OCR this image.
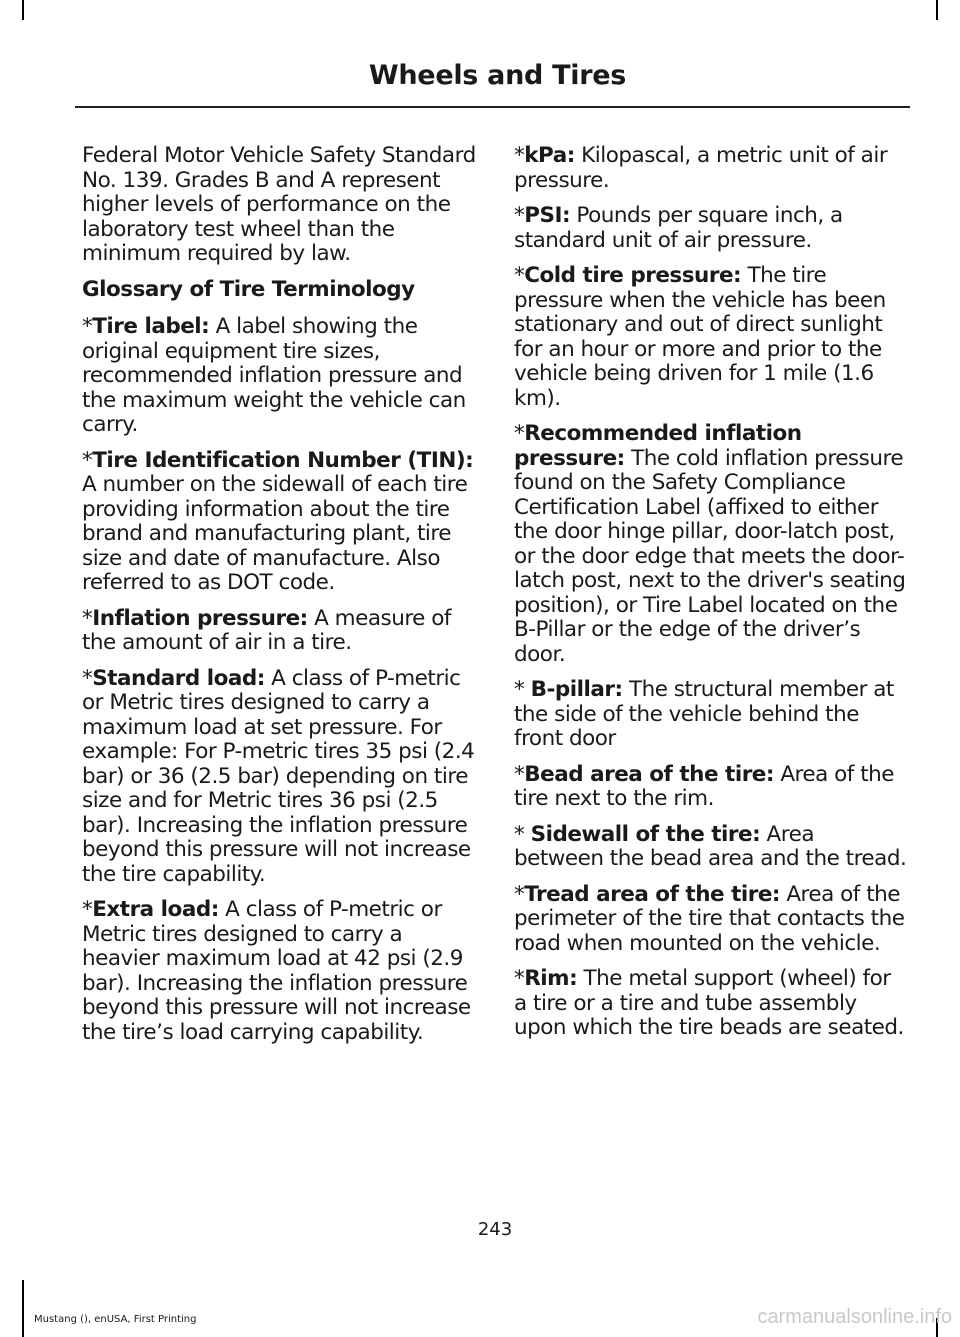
Wheels and Tires

Federal Motor Vehicle Safety Standard No. 139. Grades B and A represent higher levels of performance on the laboratory test wheel than the minimum required by law.

Glossary of Tire Terminology

*Tire label: A label showing the original equipment tire sizes, recommended inflation pressure and the maximum weight the vehicle can carry.

*Tire Identification Number (TIN): A number on the sidewall of each tire providing information about the tire brand and manufacturing plant, tire size and date of manufacture. Also referred to as DOT code.

*Inflation pressure: A measure of the amount of air in a tire.

*Standard load: A class of P-metric or Metric tires designed to carry a maximum load at set pressure. For example: For P-metric tires 35 psi (2.4 bar) or 36 (2.5 bar) depending on tire size and for Metric tires 36 psi (2.5 bar). Increasing the inflation pressure beyond this pressure will not increase the tire capability.

*Extra load: A class of P-metric or Metric tires designed to carry a heavier maximum load at 42 psi (2.9 bar). Increasing the inflation pressure beyond this pressure will not increase the tire’s load carrying capability.

*kPa: Kilopascal, a metric unit of air pressure.

*PSI: Pounds per square inch, a standard unit of air pressure.

*Cold tire pressure: The tire pressure when the vehicle has been stationary and out of direct sunlight for an hour or more and prior to the vehicle being driven for 1 mile (1.6 km).

*Recommended inflation pressure: The cold inflation pressure found on the Safety Compliance Certification Label (affixed to either the door hinge pillar, door-latch post, or the door edge that meets the door-latch post, next to the driver's seating position), or Tire Label located on the B-Pillar or the edge of the driver’s door.

* B-pillar: The structural member at the side of the vehicle behind the front door

*Bead area of the tire: Area of the tire next to the rim.

* Sidewall of the tire: Area between the bead area and the tread.

*Tread area of the tire: Area of the perimeter of the tire that contacts the road when mounted on the vehicle.

*Rim: The metal support (wheel) for a tire or a tire and tube assembly upon which the tire beads are seated.

243
Mustang (), enUSA, First Printing	carmanualsonline.info
